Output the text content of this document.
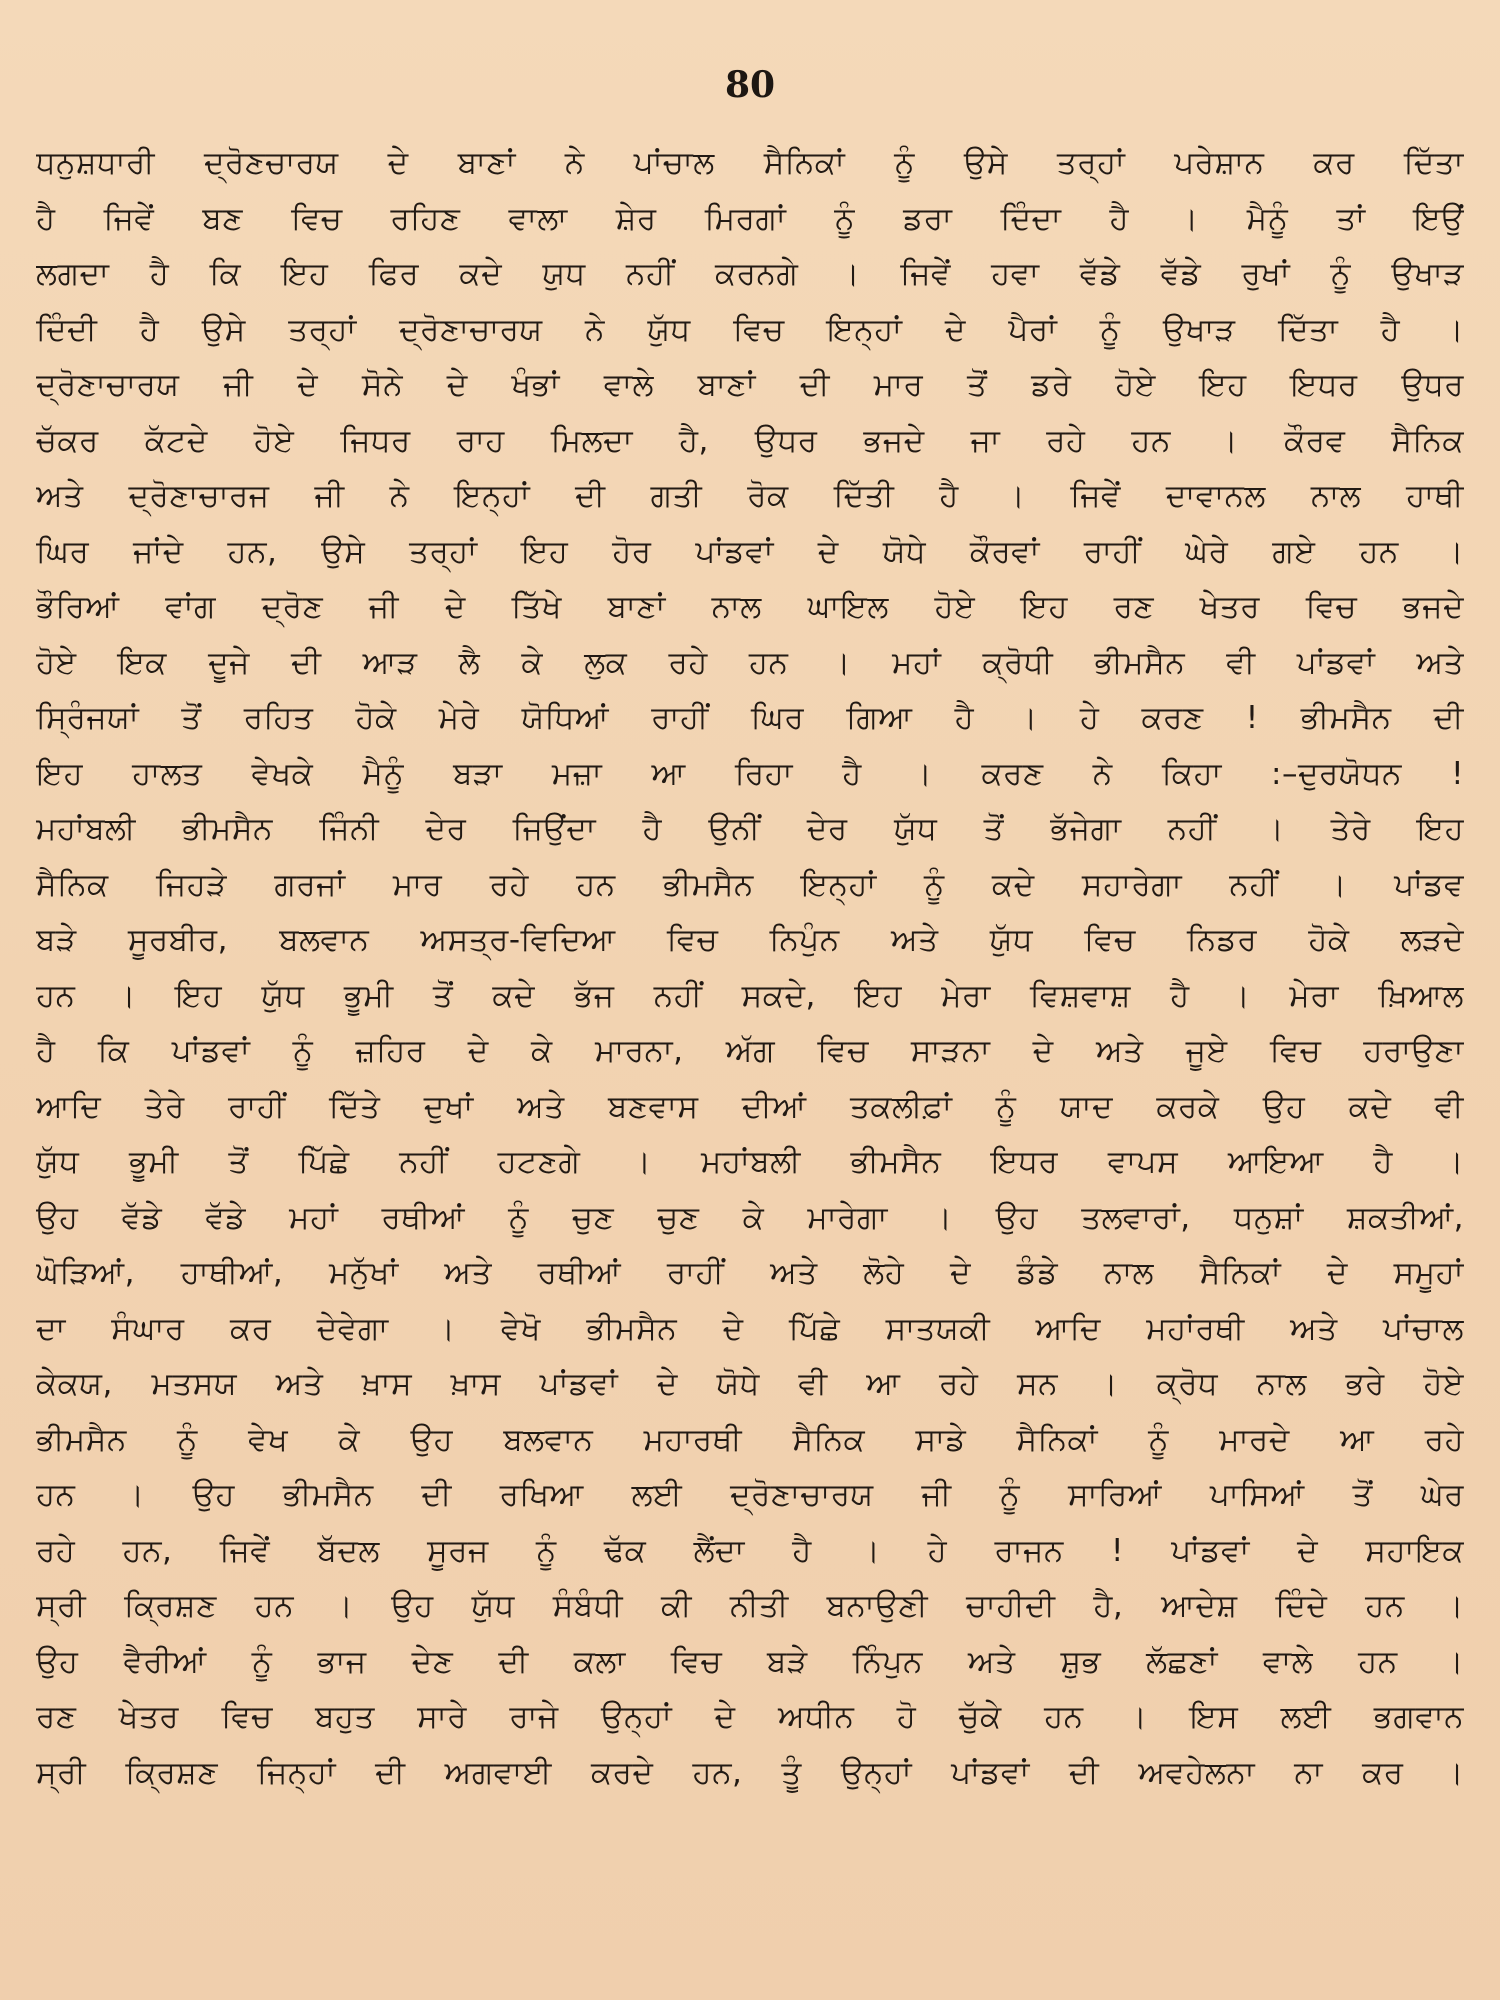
80
ਧਨੁਸ਼ਧਾਰੀ ਦ੍ਰੋਣਚਾਰਯ ਦੇ ਬਾਣਾਂ ਨੇ ਪਾਂਚਾਲ ਸੈਨਿਕਾਂ ਨੂੰ ਉਸੇ ਤਰ੍ਹਾਂ ਪਰੇਸ਼ਾਨ ਕਰ ਦਿੱਤਾ
ਹੈ ਜਿਵੇਂ ਬਣ ਵਿਚ ਰਹਿਣ ਵਾਲਾ ਸ਼ੇਰ ਮਿਰਗਾਂ ਨੂੰ ਡਰਾ ਦਿੰਦਾ ਹੈ । ਮੈਨੂੰ ਤਾਂ ਇਉਂ
ਲਗਦਾ ਹੈ ਕਿ ਇਹ ਫਿਰ ਕਦੇ ਯੁਧ ਨਹੀਂ ਕਰਨਗੇ । ਜਿਵੇਂ ਹਵਾ ਵੱਡੇ ਵੱਡੇ ਰੁਖਾਂ ਨੂੰ ਉਖਾੜ
ਦਿੰਦੀ ਹੈ ਉਸੇ ਤਰ੍ਹਾਂ ਦ੍ਰੋਣਾਚਾਰਯ ਨੇ ਯੁੱਧ ਵਿਚ ਇਨ੍ਹਾਂ ਦੇ ਪੈਰਾਂ ਨੂੰ ਉਖਾੜ ਦਿੱਤਾ ਹੈ ।
ਦ੍ਰੋਣਾਚਾਰਯ ਜੀ ਦੇ ਸੋਨੇ ਦੇ ਖੰਭਾਂ ਵਾਲੇ ਬਾਣਾਂ ਦੀ ਮਾਰ ਤੋਂ ਡਰੇ ਹੋਏ ਇਹ ਇਧਰ ਉਧਰ
ਚੱਕਰ ਕੱਟਦੇ ਹੋਏ ਜਿਧਰ ਰਾਹ ਮਿਲਦਾ ਹੈ, ਉਧਰ ਭਜਦੇ ਜਾ ਰਹੇ ਹਨ । ਕੌਰਵ ਸੈਨਿਕ
ਅਤੇ ਦ੍ਰੋਣਾਚਾਰਜ ਜੀ ਨੇ ਇਨ੍ਹਾਂ ਦੀ ਗਤੀ ਰੋਕ ਦਿੱਤੀ ਹੈ । ਜਿਵੇਂ ਦਾਵਾਨਲ ਨਾਲ ਹਾਥੀ
ਘਿਰ ਜਾਂਦੇ ਹਨ, ਉਸੇ ਤਰ੍ਹਾਂ ਇਹ ਹੋਰ ਪਾਂਡਵਾਂ ਦੇ ਯੋਧੇ ਕੌਰਵਾਂ ਰਾਹੀਂ ਘੇਰੇ ਗਏ ਹਨ ।
ਭੌਰਿਆਂ ਵਾਂਗ ਦ੍ਰੋਣ ਜੀ ਦੇ ਤਿੱਖੇ ਬਾਣਾਂ ਨਾਲ ਘਾਇਲ ਹੋਏ ਇਹ ਰਣ ਖੇਤਰ ਵਿਚ ਭਜਦੇ
ਹੋਏ ਇਕ ਦੂਜੇ ਦੀ ਆੜ ਲੈ ਕੇ ਲੁਕ ਰਹੇ ਹਨ । ਮਹਾਂ ਕ੍ਰੋਧੀ ਭੀਮਸੈਨ ਵੀ ਪਾਂਡਵਾਂ ਅਤੇ
ਸ੍ਰਿੰਜਯਾਂ ਤੋਂ ਰਹਿਤ ਹੋਕੇ ਮੇਰੇ ਯੋਧਿਆਂ ਰਾਹੀਂ ਘਿਰ ਗਿਆ ਹੈ । ਹੇ ਕਰਣ ! ਭੀਮਸੈਨ ਦੀ
ਇਹ ਹਾਲਤ ਵੇਖਕੇ ਮੈਨੂੰ ਬੜਾ ਮਜ਼ਾ ਆ ਰਿਹਾ ਹੈ । ਕਰਣ ਨੇ ਕਿਹਾ :–ਦੁਰਯੋਧਨ !
ਮਹਾਂਬਲੀ ਭੀਮਸੈਨ ਜਿੰਨੀ ਦੇਰ ਜਿਉਂਦਾ ਹੈ ਉਨੀਂ ਦੇਰ ਯੁੱਧ ਤੋਂ ਭੱਜੇਗਾ ਨਹੀਂ । ਤੇਰੇ ਇਹ
ਸੈਨਿਕ ਜਿਹੜੇ ਗਰਜਾਂ ਮਾਰ ਰਹੇ ਹਨ ਭੀਮਸੈਨ ਇਨ੍ਹਾਂ ਨੂੰ ਕਦੇ ਸਹਾਰੇਗਾ ਨਹੀਂ । ਪਾਂਡਵ
ਬੜੇ ਸੂਰਬੀਰ, ਬਲਵਾਨ ਅਸਤ੍ਰ-ਵਿਦਿਆ ਵਿਚ ਨਿਪੁੰਨ ਅਤੇ ਯੁੱਧ ਵਿਚ ਨਿਡਰ ਹੋਕੇ ਲੜਦੇ
ਹਨ । ਇਹ ਯੁੱਧ ਭੂਮੀ ਤੋਂ ਕਦੇ ਭੱਜ ਨਹੀਂ ਸਕਦੇ, ਇਹ ਮੇਰਾ ਵਿਸ਼ਵਾਸ਼ ਹੈ । ਮੇਰਾ ਖ਼ਿਆਲ
ਹੈ ਕਿ ਪਾਂਡਵਾਂ ਨੂੰ ਜ਼ਹਿਰ ਦੇ ਕੇ ਮਾਰਨਾ, ਅੱਗ ਵਿਚ ਸਾੜਨਾ ਦੇ ਅਤੇ ਜੂਏ ਵਿਚ ਹਰਾਉਣਾ
ਆਦਿ ਤੇਰੇ ਰਾਹੀਂ ਦਿੱਤੇ ਦੁਖਾਂ ਅਤੇ ਬਣਵਾਸ ਦੀਆਂ ਤਕਲੀਫ਼ਾਂ ਨੂੰ ਯਾਦ ਕਰਕੇ ਉਹ ਕਦੇ ਵੀ
ਯੁੱਧ ਭੂਮੀ ਤੋਂ ਪਿੱਛੇ ਨਹੀਂ ਹਟਣਗੇ । ਮਹਾਂਬਲੀ ਭੀਮਸੈਨ ਇਧਰ ਵਾਪਸ ਆਇਆ ਹੈ ।
ਉਹ ਵੱਡੇ ਵੱਡੇ ਮਹਾਂ ਰਥੀਆਂ ਨੂੰ ਚੁਣ ਚੁਣ ਕੇ ਮਾਰੇਗਾ । ਉਹ ਤਲਵਾਰਾਂ, ਧਨੁਸ਼ਾਂ ਸ਼ਕਤੀਆਂ,
ਘੋੜਿਆਂ, ਹਾਥੀਆਂ, ਮਨੁੱਖਾਂ ਅਤੇ ਰਥੀਆਂ ਰਾਹੀਂ ਅਤੇ ਲੋਹੇ ਦੇ ਡੰਡੇ ਨਾਲ ਸੈਨਿਕਾਂ ਦੇ ਸਮੂਹਾਂ
ਦਾ ਸੰਘਾਰ ਕਰ ਦੇਵੇਗਾ । ਵੇਖੋ ਭੀਮਸੈਨ ਦੇ ਪਿੱਛੇ ਸਾਤਯਕੀ ਆਦਿ ਮਹਾਂਰਥੀ ਅਤੇ ਪਾਂਚਾਲ
ਕੇਕਯ, ਮਤਸਯ ਅਤੇ ਖ਼ਾਸ ਖ਼ਾਸ ਪਾਂਡਵਾਂ ਦੇ ਯੋਧੇ ਵੀ ਆ ਰਹੇ ਸਨ । ਕ੍ਰੋਧ ਨਾਲ ਭਰੇ ਹੋਏ
ਭੀਮਸੈਨ ਨੂੰ ਵੇਖ ਕੇ ਉਹ ਬਲਵਾਨ ਮਹਾਰਥੀ ਸੈਨਿਕ ਸਾਡੇ ਸੈਨਿਕਾਂ ਨੂੰ ਮਾਰਦੇ ਆ ਰਹੇ
ਹਨ । ਉਹ ਭੀਮਸੈਨ ਦੀ ਰਖਿਆ ਲਈ ਦ੍ਰੋਣਾਚਾਰਯ ਜੀ ਨੂੰ ਸਾਰਿਆਂ ਪਾਸਿਆਂ ਤੋਂ ਘੇਰ
ਰਹੇ ਹਨ, ਜਿਵੇਂ ਬੱਦਲ ਸੂਰਜ ਨੂੰ ਢੱਕ ਲੈਂਦਾ ਹੈ । ਹੇ ਰਾਜਨ ! ਪਾਂਡਵਾਂ ਦੇ ਸਹਾਇਕ
ਸ੍ਰੀ ਕ੍ਰਿਸ਼ਣ ਹਨ । ਉਹ ਯੁੱਧ ਸੰਬੰਧੀ ਕੀ ਨੀਤੀ ਬਨਾਉਣੀ ਚਾਹੀਦੀ ਹੈ, ਆਦੇਸ਼ ਦਿੰਦੇ ਹਨ ।
ਉਹ ਵੈਰੀਆਂ ਨੂੰ ਭਾਜ ਦੇਣ ਦੀ ਕਲਾ ਵਿਚ ਬੜੇ ਨਿੰਪੁਨ ਅਤੇ ਸ਼ੁਭ ਲੱਛਣਾਂ ਵਾਲੇ ਹਨ ।
ਰਣ ਖੇਤਰ ਵਿਚ ਬਹੁਤ ਸਾਰੇ ਰਾਜੇ ਉਨ੍ਹਾਂ ਦੇ ਅਧੀਨ ਹੋ ਚੁੱਕੇ ਹਨ । ਇਸ ਲਈ ਭਗਵਾਨ
ਸ੍ਰੀ ਕ੍ਰਿਸ਼ਣ ਜਿਨ੍ਹਾਂ ਦੀ ਅਗਵਾਈ ਕਰਦੇ ਹਨ, ਤੂੰ ਉਨ੍ਹਾਂ ਪਾਂਡਵਾਂ ਦੀ ਅਵਹੇਲਨਾ ਨਾ ਕਰ ।
